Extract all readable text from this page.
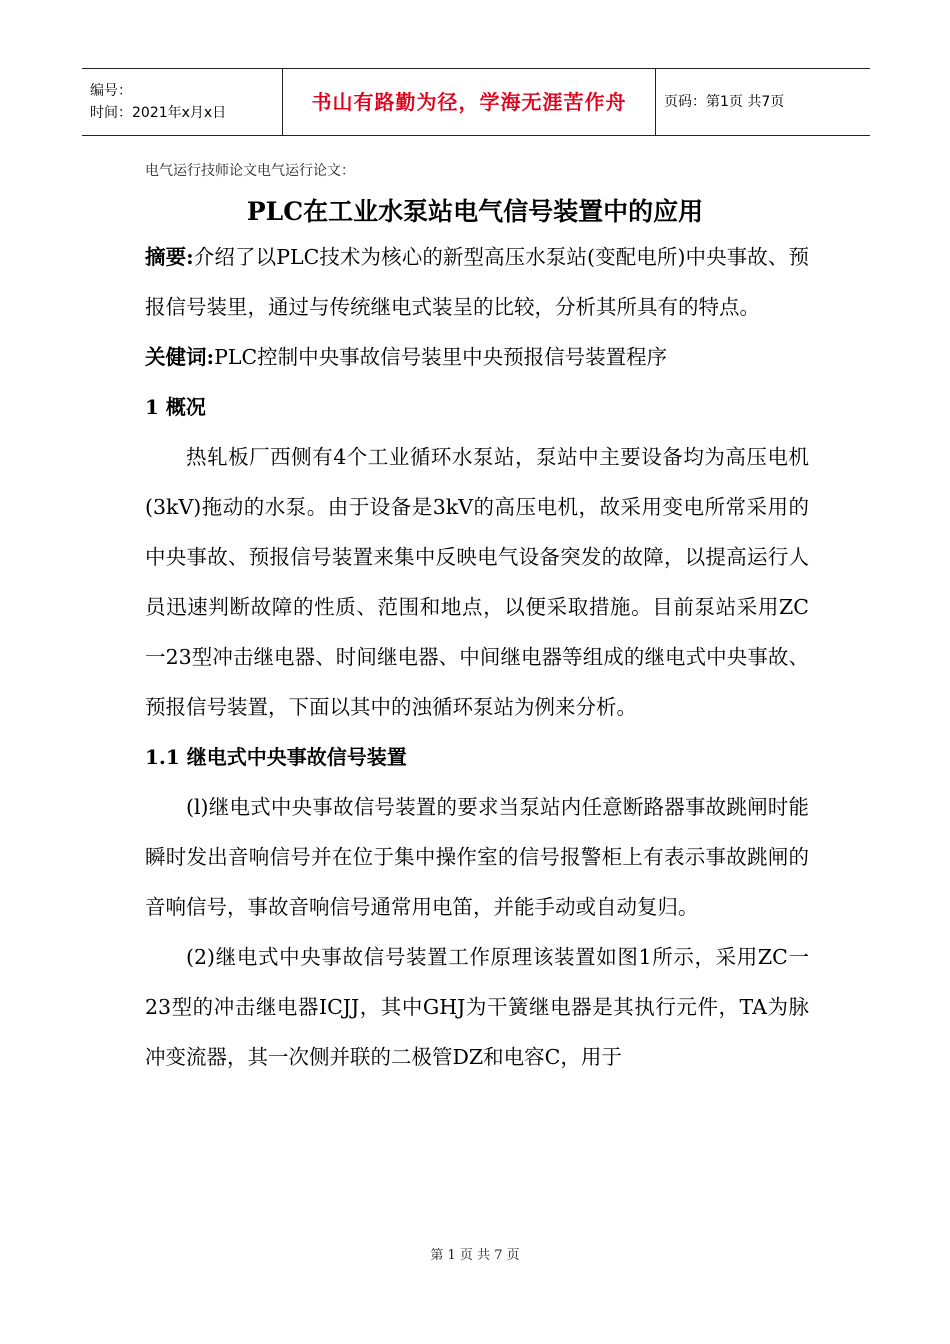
编号：
时间：2021年x月x日	书山有路勤为径，学海无涯苦作舟	页码：第1页 共7页
电气运行技师论文电气运行论文：
PLC在工业水泵站电气信号装置中的应用

摘要:介绍了以PLC技术为核心的新型高压水泵站(变配电所)中央事故、预报信号装里，通过与传统继电式装呈的比较，分析其所具有的特点。

关健词:PLC控制中央事故信号装里中央预报信号装置程序

1 概况

热轧板厂西侧有4个工业循环水泵站，泵站中主要设备均为高压电机(3kV)拖动的水泵。由于设备是3kV的高压电机，故采用变电所常采用的中央事故、预报信号装置来集中反映电气设备突发的故障，以提高运行人员迅速判断故障的性质、范围和地点，以便采取措施。目前泵站采用ZC一23型冲击继电器、时间继电器、中间继电器等组成的继电式中央事故、预报信号装置，下面以其中的浊循环泵站为例来分析。

1.1 继电式中央事故信号装置

(l)继电式中央事故信号装置的要求当泵站内任意断路器事故跳闸时能瞬时发出音响信号并在位于集中操作室的信号报警柜上有表示事故跳闸的音响信号，事故音响信号通常用电笛，并能手动或自动复归。

(2)继电式中央事故信号装置工作原理该装置如图1所示，采用ZC一23型的冲击继电器ICJJ，其中GHJ为干簧继电器是其执行元件，TA为脉冲变流器，其一次侧并联的二极管DZ和电容C，用于

第 1 页 共 7 页
